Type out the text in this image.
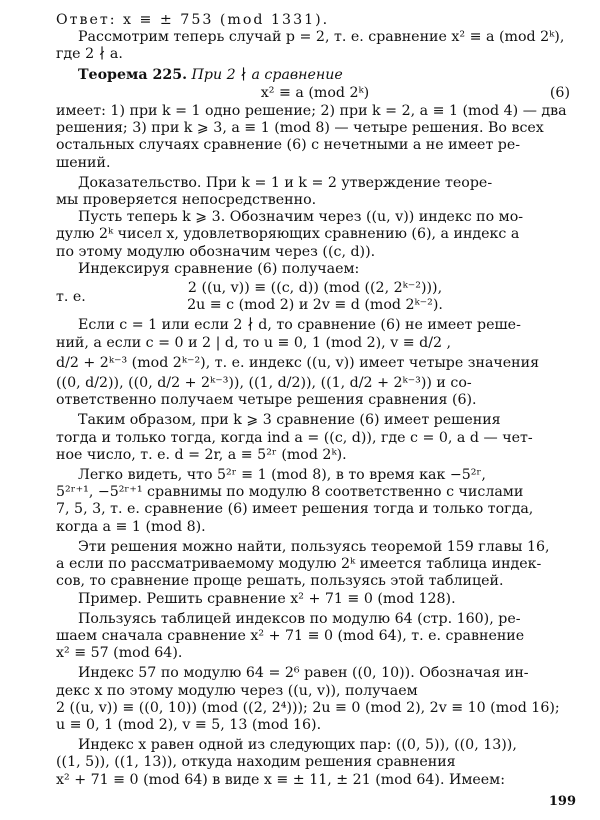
Ответ: x ≡ ± 753 (mod 1331).

Рассмотрим теперь случай p = 2, т. е. сравнение x² ≡ a (mod 2ᵏ),

где 2 ∤ a.

Теорема 225. При 2 ∤ a сравнение

x² ≡ a (mod 2ᵏ)	(6)

имеет: 1) при k = 1 одно решение; 2) при k = 2, a ≡ 1 (mod 4) — два

решения; 3) при k ⩾ 3, a ≡ 1 (mod 8) — четыре решения. Во всех

остальных случаях сравнение (6) с нечетными a не имеет ре-

шений.

Доказательство. При k = 1 и k = 2 утверждение теоре-

мы проверяется непосредственно.

Пусть теперь k ⩾ 3. Обозначим через ((u, v)) индекс по мо-

дулю 2ᵏ чисел x, удовлетворяющих сравнению (6), а индекс a

по этому модулю обозначим через ((c, d)).

Индексируя сравнение (6) получаем:

2 ((u, v)) ≡ ((c, d)) (mod ((2, 2ᵏ⁻²))),
т. е.
2u ≡ c (mod 2) и 2v ≡ d (mod 2ᵏ⁻²).

Если c = 1 или если 2 ∤ d, то сравнение (6) не имеет реше-

ний, а если c = 0 и 2 | d, то u ≡ 0, 1 (mod 2), v ≡ d/2 ,

d/2 + 2ᵏ⁻³ (mod 2ᵏ⁻²), т. е. индекс ((u, v)) имеет четыре значения

((0, d/2)), ((0, d/2 + 2ᵏ⁻³)), ((1, d/2)), ((1, d/2 + 2ᵏ⁻³)) и со-

ответственно получаем четыре решения сравнения (6).

Таким образом, при k ⩾ 3 сравнение (6) имеет решения

тогда и только тогда, когда ind a = ((c, d)), где c = 0, а d — чет-

ное число, т. е. d = 2r, a ≡ 5²ʳ (mod 2ᵏ).

Легко видеть, что 5²ʳ ≡ 1 (mod 8), в то время как −5²ʳ,

5²ʳ⁺¹, −5²ʳ⁺¹ сравнимы по модулю 8 соответственно с числами

7, 5, 3, т. е. сравнение (6) имеет решения тогда и только тогда,

когда a ≡ 1 (mod 8).

Эти решения можно найти, пользуясь теоремой 159 главы 16,

а если по рассматриваемому модулю 2ᵏ имеется таблица индек-

сов, то сравнение проще решать, пользуясь этой таблицей.

Пример. Решить сравнение x² + 71 ≡ 0 (mod 128).

Пользуясь таблицей индексов по модулю 64 (стр. 160), ре-

шаем сначала сравнение x² + 71 ≡ 0 (mod 64), т. е. сравнение

x² ≡ 57 (mod 64).

Индекс 57 по модулю 64 = 2⁶ равен ((0, 10)). Обозначая ин-

декс x по этому модулю через ((u, v)), получаем

2 ((u, v)) ≡ ((0, 10)) (mod ((2, 2⁴))); 2u ≡ 0 (mod 2), 2v ≡ 10 (mod 16);

u ≡ 0, 1 (mod 2), v ≡ 5, 13 (mod 16).

Индекс x равен одной из следующих пар: ((0, 5)), ((0, 13)),

((1, 5)), ((1, 13)), откуда находим решения сравнения

x² + 71 ≡ 0 (mod 64) в виде x ≡ ± 11, ± 21 (mod 64). Имеем:

199
